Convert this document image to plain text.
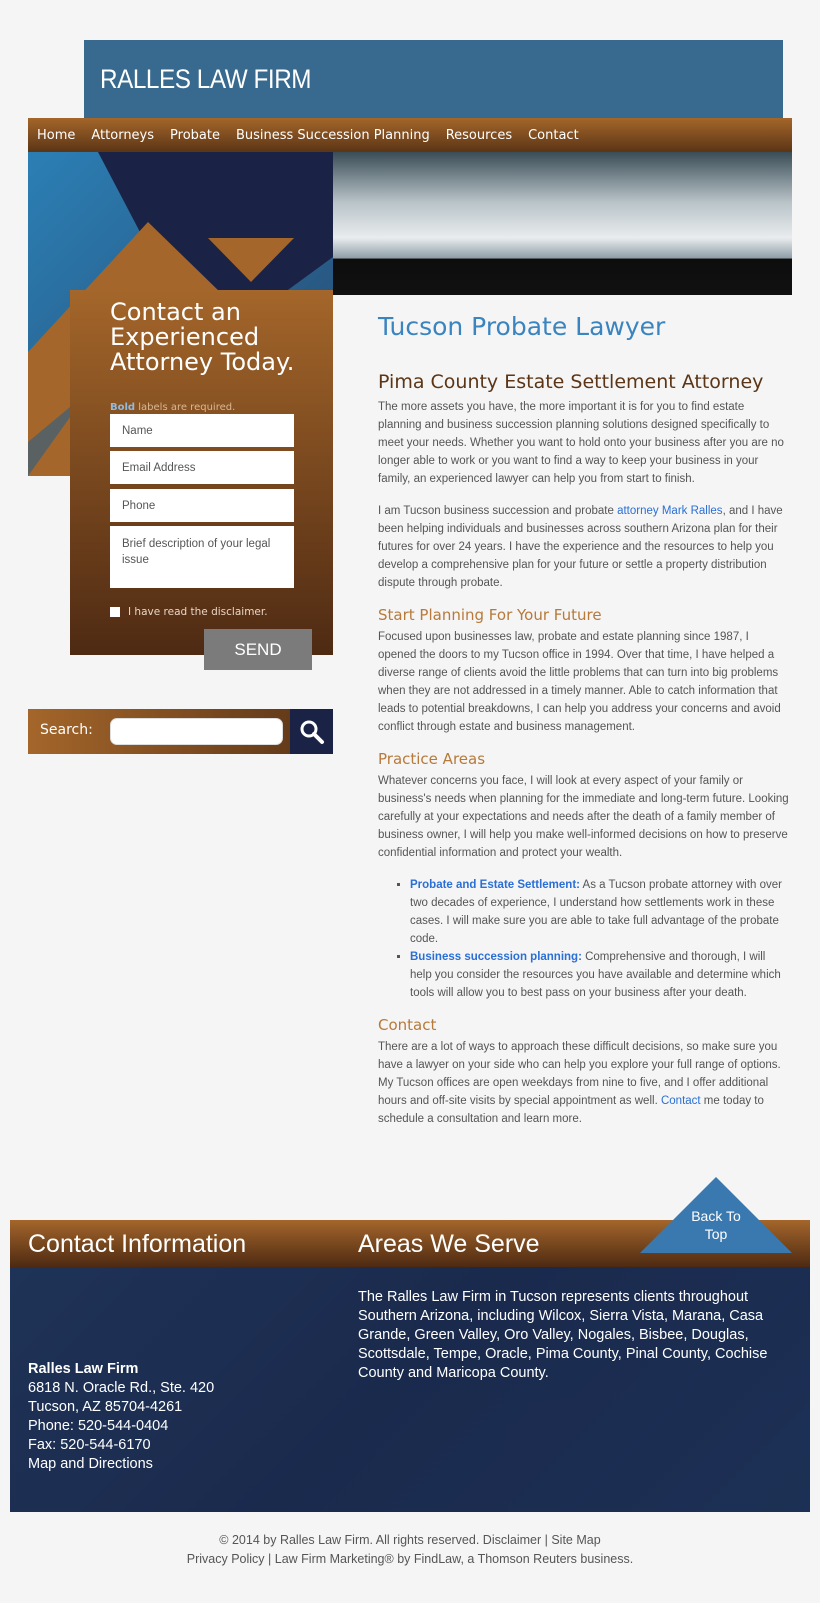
RALLES LAW FIRM
Home Attorneys Probate Business Succession Planning Resources Contact
Contact an Experienced Attorney Today.
Bold labels are required.
Name
Email Address
Phone
Brief description of your legal issue
I have read the disclaimer.
SEND
Search:
Tucson Probate Lawyer
Pima County Estate Settlement Attorney

The more assets you have, the more important it is for you to find estate planning and business succession planning solutions designed specifically to meet your needs. Whether you want to hold onto your business after you are no longer able to work or you want to find a way to keep your business in your family, an experienced lawyer can help you from start to finish.

I am Tucson business succession and probate attorney Mark Ralles, and I have been helping individuals and businesses across southern Arizona plan for their futures for over 24 years. I have the experience and the resources to help you develop a comprehensive plan for your future or settle a property distribution dispute through probate.

Start Planning For Your Future

Focused upon businesses law, probate and estate planning since 1987, I opened the doors to my Tucson office in 1994. Over that time, I have helped a diverse range of clients avoid the little problems that can turn into big problems when they are not addressed in a timely manner. Able to catch information that leads to potential breakdowns, I can help you address your concerns and avoid conflict through estate and business management.

Practice Areas

Whatever concerns you face, I will look at every aspect of your family or business's needs when planning for the immediate and long-term future. Looking carefully at your expectations and needs after the death of a family member of business owner, I will help you make well-informed decisions on how to preserve confidential information and protect your wealth.

▪ Probate and Estate Settlement: As a Tucson probate attorney with over two decades of experience, I understand how settlements work in these cases. I will make sure you are able to take full advantage of the probate code.
▪ Business succession planning: Comprehensive and thorough, I will help you consider the resources you have available and determine which tools will allow you to best pass on your business after your death.
Contact

There are a lot of ways to approach these difficult decisions, so make sure you have a lawyer on your side who can help you explore your full range of options. My Tucson offices are open weekdays from nine to five, and I offer additional hours and off-site visits by special appointment as well. Contact me today to schedule a consultation and learn more.

Contact Information	Areas We Serve
Ralles Law Firm
6818 N. Oracle Rd., Ste. 420
Tucson, AZ 85704-4261
Phone: 520-544-0404
Fax: 520-544-6170
Map and Directions
The Ralles Law Firm in Tucson represents clients throughout Southern Arizona, including Wilcox, Sierra Vista, Marana, Casa Grande, Green Valley, Oro Valley, Nogales, Bisbee, Douglas, Scottsdale, Tempe, Oracle, Pima County, Pinal County, Cochise County and Maricopa County.
Back To Top
© 2014 by Ralles Law Firm. All rights reserved. Disclaimer | Site Map
Privacy Policy | Law Firm Marketing® by FindLaw, a Thomson Reuters business.
